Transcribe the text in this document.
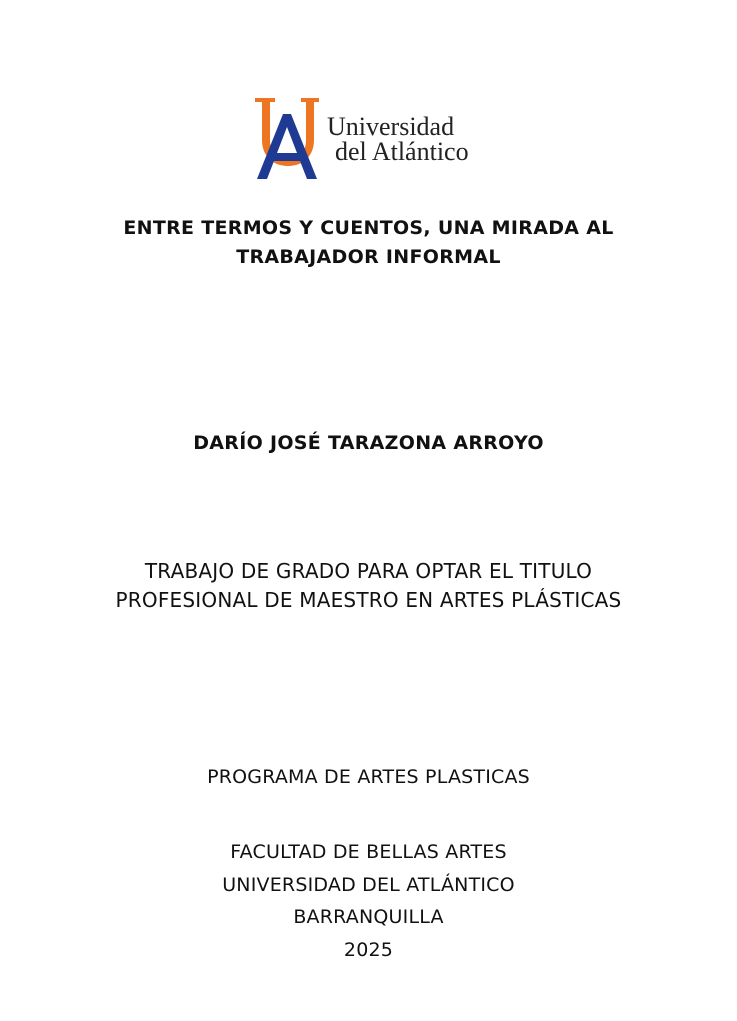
Universidad
del Atlántico
ENTRE TERMOS Y CUENTOS, UNA MIRADA AL
TRABAJADOR INFORMAL
DARÍO JOSÉ TARAZONA ARROYO
TRABAJO DE GRADO PARA OPTAR EL TITULO
PROFESIONAL DE MAESTRO EN ARTES PLÁSTICAS
PROGRAMA DE ARTES PLASTICAS
FACULTAD DE BELLAS ARTES
UNIVERSIDAD DEL ATLÁNTICO
BARRANQUILLA
2025
